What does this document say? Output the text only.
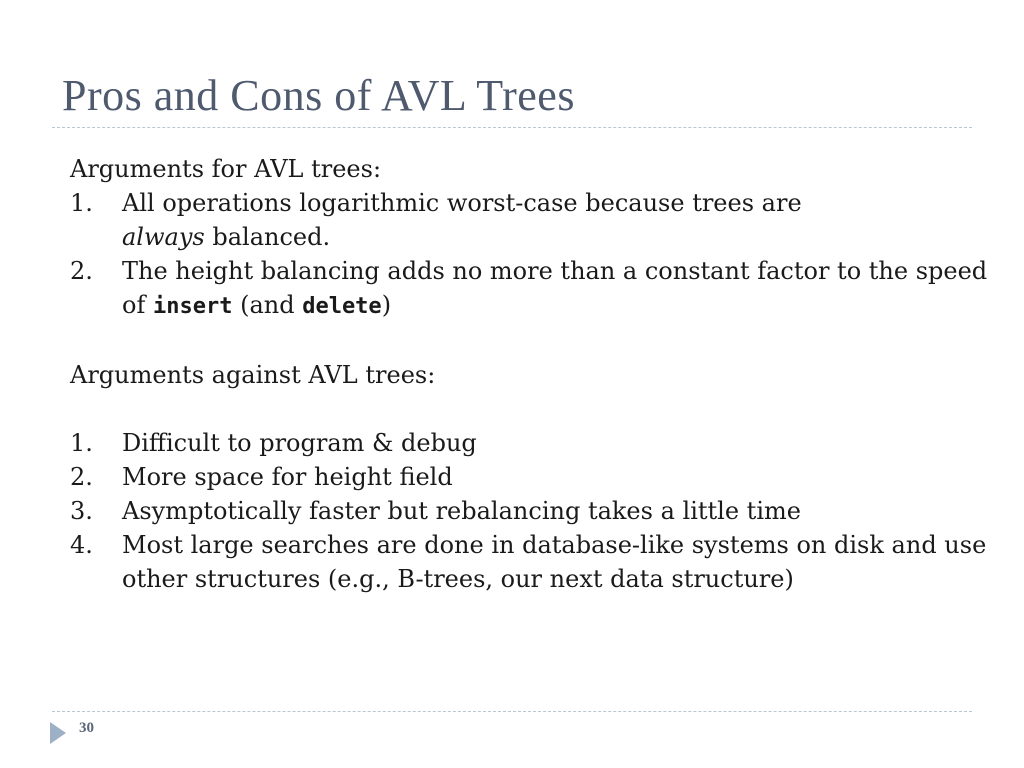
Pros and Cons of AVL Trees

Arguments for AVL trees:

1. All operations logarithmic worst-case because trees are
always balanced.
2. The height balancing adds no more than a constant factor to the speed of insert (and delete)

Arguments against AVL trees:

1. Difficult to program & debug
2. More space for height field
3. Asymptotically faster but rebalancing takes a little time
4. Most large searches are done in database-like systems on disk and use other structures (e.g., B-trees, our next data structure)
30
